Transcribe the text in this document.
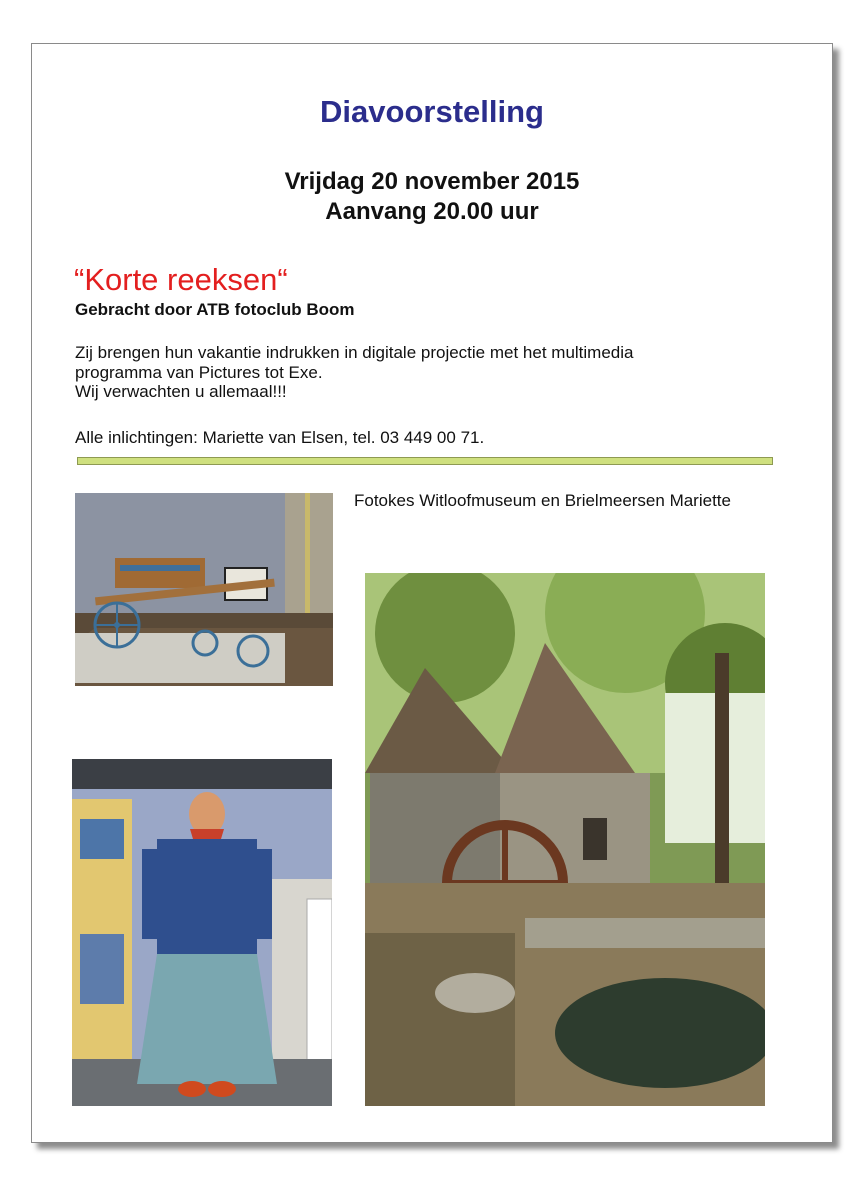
Diavoorstelling
Vrijdag 20 november 2015
Aanvang 20.00 uur
“Korte reeksen“
Gebracht door ATB fotoclub Boom
Zij brengen hun vakantie indrukken in digitale projectie met het multimedia
programma van Pictures tot Exe.
Wij verwachten u allemaal!!!
Alle inlichtingen: Mariette van Elsen, tel. 03 449 00 71.
Fotokes Witloofmuseum en Brielmeersen Mariette
